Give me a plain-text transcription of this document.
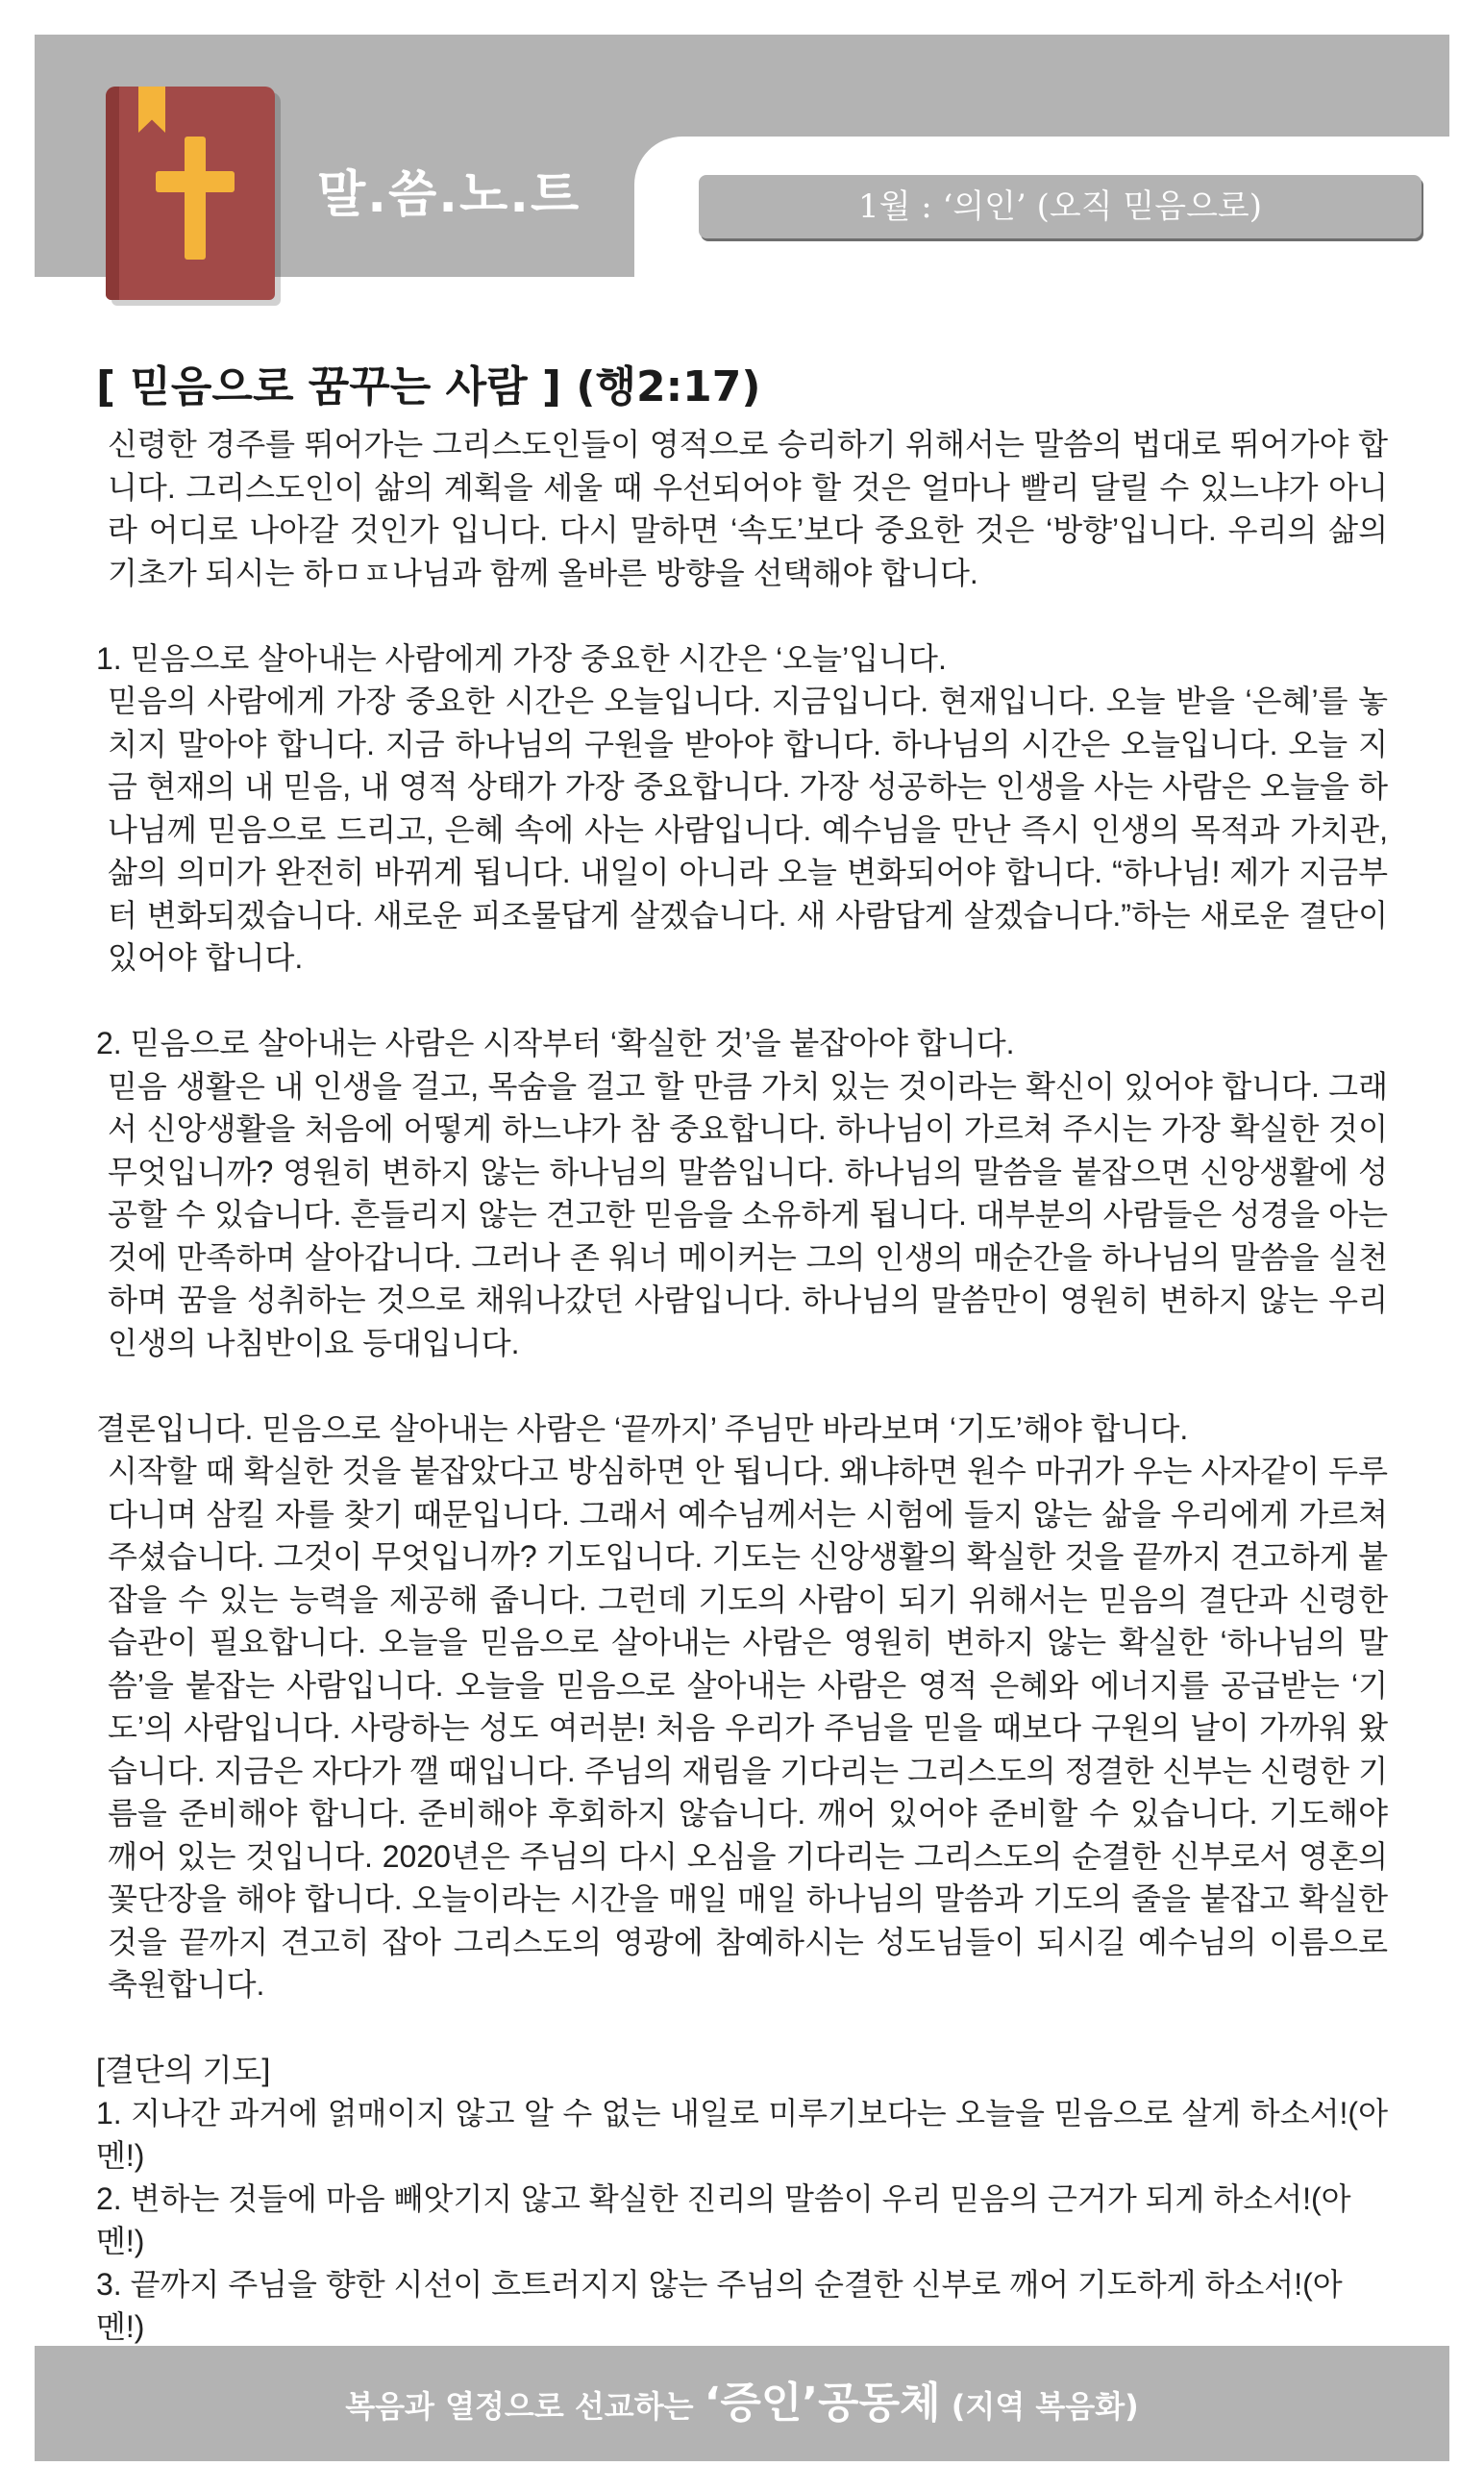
말.씀.노.트	1월 : ‘의인’ (오직 믿음으로)
[ 믿음으로 꿈꾸는 사람 ] (행2:17)

신령한 경주를 뛰어가는 그리스도인들이 영적으로 승리하기 위해서는 말씀의 법대로 뛰어가야 합니다. 그리스도인이 삶의 계획을 세울 때 우선되어야 할 것은 얼마나 빨리 달릴 수 있느냐가 아니라 어디로 나아갈 것인가 입니다. 다시 말하면 ‘속도’보다 중요한 것은 ‘방향’입니다. 우리의 삶의 기초가 되시는 하ㅁㅍ나님과 함께 올바른 방향을 선택해야 합니다.

1. 믿음으로 살아내는 사람에게 가장 중요한 시간은 ‘오늘’입니다.

믿음의 사람에게 가장 중요한 시간은 오늘입니다. 지금입니다. 현재입니다. 오늘 받을 ‘은혜’를 놓치지 말아야 합니다. 지금 하나님의 구원을 받아야 합니다. 하나님의 시간은 오늘입니다. 오늘 지금 현재의 내 믿음, 내 영적 상태가 가장 중요합니다. 가장 성공하는 인생을 사는 사람은 오늘을 하나님께 믿음으로 드리고, 은혜 속에 사는 사람입니다. 예수님을 만난 즉시 인생의 목적과 가치관, 삶의 의미가 완전히 바뀌게 됩니다. 내일이 아니라 오늘 변화되어야 합니다. “하나님! 제가 지금부터 변화되겠습니다. 새로운 피조물답게 살겠습니다. 새 사람답게 살겠습니다.”하는 새로운 결단이 있어야 합니다.

2. 믿음으로 살아내는 사람은 시작부터 ‘확실한 것’을 붙잡아야 합니다.

믿음 생활은 내 인생을 걸고, 목숨을 걸고 할 만큼 가치 있는 것이라는 확신이 있어야 합니다. 그래서 신앙생활을 처음에 어떻게 하느냐가 참 중요합니다. 하나님이 가르쳐 주시는 가장 확실한 것이 무엇입니까? 영원히 변하지 않는 하나님의 말씀입니다. 하나님의 말씀을 붙잡으면 신앙생활에 성공할 수 있습니다. 흔들리지 않는 견고한 믿음을 소유하게 됩니다. 대부분의 사람들은 성경을 아는 것에 만족하며 살아갑니다. 그러나 존 워너 메이커는 그의 인생의 매순간을 하나님의 말씀을 실천하며 꿈을 성취하는 것으로 채워나갔던 사람입니다. 하나님의 말씀만이 영원히 변하지 않는 우리 인생의 나침반이요 등대입니다.

결론입니다. 믿음으로 살아내는 사람은 ‘끝까지’ 주님만 바라보며 ‘기도’해야 합니다.

시작할 때 확실한 것을 붙잡았다고 방심하면 안 됩니다. 왜냐하면 원수 마귀가 우는 사자같이 두루 다니며 삼킬 자를 찾기 때문입니다. 그래서 예수님께서는 시험에 들지 않는 삶을 우리에게 가르쳐 주셨습니다. 그것이 무엇입니까? 기도입니다. 기도는 신앙생활의 확실한 것을 끝까지 견고하게 붙잡을 수 있는 능력을 제공해 줍니다. 그런데 기도의 사람이 되기 위해서는 믿음의 결단과 신령한 습관이 필요합니다. 오늘을 믿음으로 살아내는 사람은 영원히 변하지 않는 확실한 ‘하나님의 말씀’을 붙잡는 사람입니다. 오늘을 믿음으로 살아내는 사람은 영적 은혜와 에너지를 공급받는 ‘기도’의 사람입니다. 사랑하는 성도 여러분! 처음 우리가 주님을 믿을 때보다 구원의 날이 가까워 왔습니다. 지금은 자다가 깰 때입니다. 주님의 재림을 기다리는 그리스도의 정결한 신부는 신령한 기름을 준비해야 합니다. 준비해야 후회하지 않습니다. 깨어 있어야 준비할 수 있습니다. 기도해야 깨어 있는 것입니다. 2020년은 주님의 다시 오심을 기다리는 그리스도의 순결한 신부로서 영혼의 꽃단장을 해야 합니다. 오늘이라는 시간을 매일 매일 하나님의 말씀과 기도의 줄을 붙잡고 확실한 것을 끝까지 견고히 잡아 그리스도의 영광에 참예하시는 성도님들이 되시길 예수님의 이름으로 축원합니다.

[결단의 기도]

1. 지나간 과거에 얽매이지 않고 알 수 없는 내일로 미루기보다는 오늘을 믿음으로 살게 하소서!(아멘!)

2. 변하는 것들에 마음 빼앗기지 않고 확실한 진리의 말씀이 우리 믿음의 근거가 되게 하소서!(아멘!)

3. 끝까지 주님을 향한 시선이 흐트러지지 않는 주님의 순결한 신부로 깨어 기도하게 하소서!(아멘!)

복음과 열정으로 선교하는 ‘증인’공동체 (지역 복음화)
